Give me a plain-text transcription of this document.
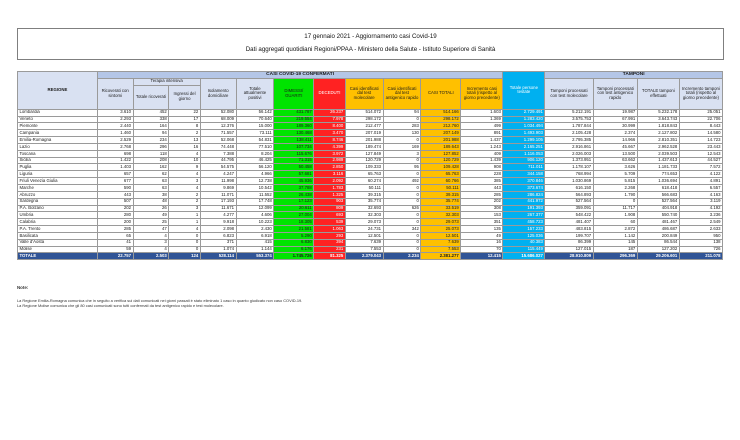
17 gennaio 2021 - Aggiornamento casi Covid-19
Dati aggregati quotidiani Regioni/PPAA - Ministero della Salute - Istituto Superiore di Sanità
REGIONE	CASI COVID-19 CONFERMATI											Totale persone testate	TAMPONI			
	Ricoverati con sintomi	Terapia intensiva		Isolamento domiciliare	Totale attualmente positivi	DIMESSI/ GUARITI	DECEDUTI	Casi identificati dal test molecolare	Casi identificati dal test antigenico rapido	CASI TOTALI	Incremento casi totali (rispetto al giorno precedente)		Tamponi processati con test molecolare	Tamponi processati con test antigenico rapido	TOTALE tamponi effettuati	Incremento tamponi totali (rispetto al giorno precedente)
		Totale ricoverati	Ingressi del giorno													
Lombardia	3.610	452	22	52.080	56.142	431.787	26.237	514.072	94	514.166	1.603	2.729.491	5.212.191	19.987	5.232.178	25.051
Veneto	2.293	338	17	68.009	70.640	219.554	7.978	298.172	0	298.172	1.369	1.283.420	3.575.753	67.991	3.643.743	22.706
Piemonte	2.440	164	8	12.376	15.000	189.360	8.400	212.477	283	212.760	499	1.034.494	1.787.844	30.999	1.818.843	8.443
Campania	1.460	94	2	71.557	73.111	130.468	3.470	207.019	130	207.149	891	1.493.903	2.105.428	2.374	2.127.802	14.580
Emilia-Romagna	2.529	234	13	52.068	54.831	138.411	8.746	201.988	0	201.988	1.437	1.299.105	2.795.385	14.966	2.810.351	14.723
Lazio	2.768	296	16	74.448	77.510	107.734	4.399	189.474	169	189.643	1.243	2.165.251	2.916.861	45.667	2.962.528	23.443
Toscana	698	118	4	7.388	8.204	115.676	3.972	127.849	3	127.852	409	1.116.053	2.026.003	13.500	2.039.503	12.543
Sicilia	1.422	208	10	44.795	46.425	71.315	2.989	120.729	0	120.729	1.439	906.120	1.373.951	63.662	1.437.613	44.527
Puglia	1.403	162	9	54.575	56.120	50.458	2.850	109.333	95	109.428	908	711.011	1.178.107	3.626	1.181.733	7.572
Liguria	657	62	4	4.247	4.966	57.681	3.116	65.763	0	65.763	228	344.158	768.994	5.709	774.653	4.122
Friuli Venezia Giulia	677	63	3	11.998	12.738	45.936	2.092	60.274	492	60.766	385	370.846	1.030.869	5.815	1.036.694	4.891
Marche	590	63	4	9.869	10.542	37.788	1.783	50.111	0	50.111	443	373.674	616.150	2.268	618.418	6.557
Abruzzo	443	38	2	11.071	11.552	26.438	1.325	39.315	0	39.315	285	286.824	564.893	1.790	566.683	4.163
Sardegna	507	48	2	17.193	17.748	17.123	903	35.774	0	35.774	202	441.972	527.564	0	527.564	3.119
P.A. Bolzano	202	26	3	11.671	12.099	20.611	809	32.693	626	33.519	308	191.393	359.091	11.717	404.918	4.192
Umbria	280	49	1	4.277	4.606	27.004	693	32.303	0	32.303	153	267.377	548.422	1.908	550.740	3.236
Calabria	200	25	1	9.918	10.223	18.305	539	29.073	0	29.073	351	458.723	481.407	60	481.467	2.549
P.A. Trento	285	47	4	2.098	2.430	21.581	1.063	24.731	342	25.073	135	157.233	483.815	2.872	486.687	2.633
Basilicata	65	4	0	6.823	6.918	5.290	293	12.501	0	12.501	49	125.036	199.707	1.142	200.849	950
Valle d'Aosta	41	3	0	371	415	6.830	394	7.639	0	7.639	16	40.383	86.399	145	86.544	138
Molise	59	4	0	1.074	1.144	6.176	231	7.553	0	7.553	70	115.449	127.015	187	127.202	726
TOTALE	22.757	2.503	124	528.114	553.374	1.745.726	81.325	2.379.043	2.234	2.381.277	12.415	15.686.027	28.910.809	296.369	29.206.601	211.078
Note:
La Regione Emilia-Romagna comunica che in seguito a verifica sui dati comunicati nei giorni passati è stato eliminato 1 caso in quanto giudicato non caso COVID-19.
La Regione Molise comunica che gli 80 casi comunicati sono tutti confermati da test antigenico rapido e test molecolare.
